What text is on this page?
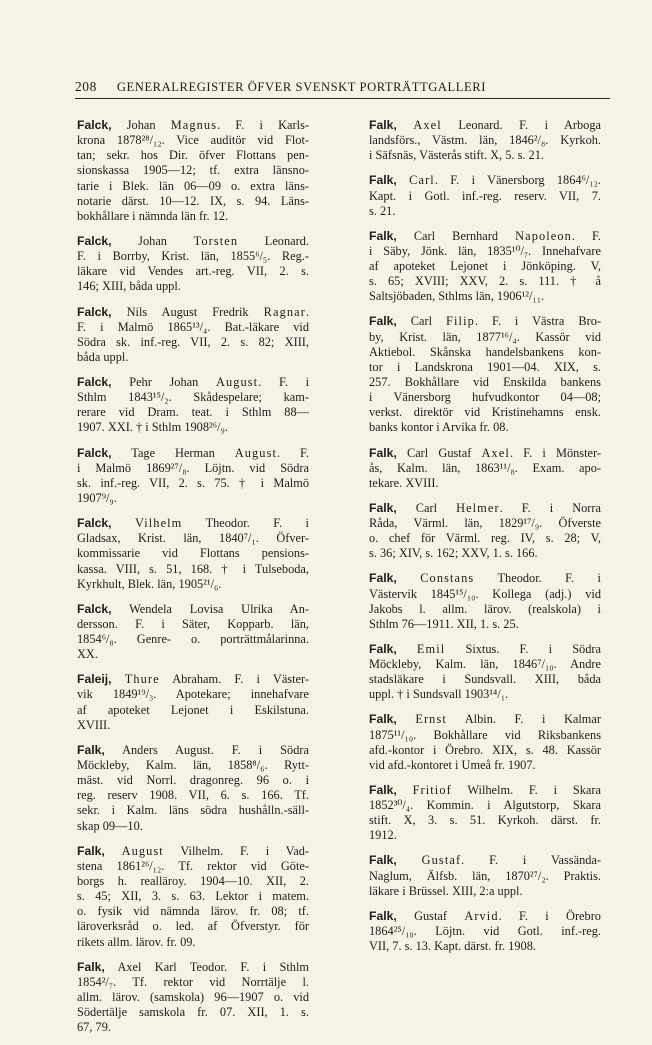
208 GENERALREGISTER ÖFVER SVENSKT PORTRÄTTGALLERI

Falck, Johan Magnus. F. i Karls-

krona 1878²⁸/₁₂. Vice auditör vid Flot-

tan; sekr. hos Dir. öfver Flottans pen-

sionskassa 1905—12; tf. extra länsno-

tarie i Blek. län 06—09 o. extra läns-

notarie därst. 10—12. IX, s. 94. Läns-

bokhållare i nämnda län fr. 12.

Falck, Johan Torsten Leonard.

F. i Borrby, Krist. län, 1855⁶/₅. Reg.-

läkare vid Vendes art.-reg. VII, 2. s.

146; XIII, båda uppl.

Falck, Nils August Fredrik Ragnar.

F. i Malmö 1865¹³/₄. Bat.-läkare vid

Södra sk. inf.-reg. VII, 2. s. 82; XIII,

båda uppl.

Falck, Pehr Johan August. F. i

Sthlm 1843¹⁵/₂. Skådespelare; kam-

rerare vid Dram. teat. i Sthlm 88—

1907. XXI. † i Sthlm 1908²⁶/₉.

Falck, Tage Herman August. F.

i Malmö 1869²⁷/₈. Löjtn. vid Södra

sk. inf.-reg. VII, 2. s. 75. † i Malmö

1907⁹/₉.

Falck, Vilhelm Theodor. F. i

Gladsax, Krist. län, 1840⁷/₁. Öfver-

kommissarie vid Flottans pensions-

kassa. VIII, s. 51, 168. † i Tulseboda,

Kyrkhult, Blek. län, 1905²¹/₆.

Falck, Wendela Lovisa Ulrika An-

dersson. F. i Säter, Kopparb. län,

1854⁶/₈. Genre- o. porträttmålarinna.

XX.

Faleij, Thure Abraham. F. i Väster-

vik 1849¹⁹/₃. Apotekare; innehafvare

af apoteket Lejonet i Eskilstuna.

XVIII.

Falk, Anders August. F. i Södra

Möckleby, Kalm. län, 1858⁸/₆. Rytt-

mäst. vid Norrl. dragonreg. 96 o. i

reg. reserv 1908. VII, 6. s. 166. Tf.

sekr. i Kalm. läns södra hushålln.-säll-

skap 09—10.

Falk, August Vilhelm. F. i Vad-

stena 1861²⁶/₁₂. Tf. rektor vid Göte-

borgs h. realläroy. 1904—10. XII, 2.

s. 45; XII, 3. s. 63. Lektor i matem.

o. fysik vid nämnda lärov. fr. 08; tf.

läroverksråd o. led. af Öfverstyr. för

rikets allm. lärov. fr. 09.

Falk, Axel Karl Teodor. F. i Sthlm

1854²/₇. Tf. rektor vid Norrtälje l.

allm. lärov. (samskola) 96—1907 o. vid

Södertälje samskola fr. 07. XII, 1. s.

67, 79.

Falk, Axel Leonard. F. i Arboga

landsförs., Västm. län, 1846²/₈. Kyrkoh.

i Säfsnäs, Västerås stift. X, 5. s. 21.

Falk, Carl. F. i Vänersborg 1864⁶/₁₂.

Kapt. i Gotl. inf.-reg. reserv. VII, 7.

s. 21.

Falk, Carl Bernhard Napoleon. F.

i Säby, Jönk. län, 1835¹⁰/₇. Innehafvare

af apoteket Lejonet i Jönköping. V,

s. 65; XVIII; XXV, 2. s. 111. † å

Saltsjöbaden, Sthlms län, 1906¹²/₁₁.

Falk, Carl Filip. F. i Västra Bro-

by, Krist. län, 1877¹⁶/₄. Kassör vid

Aktiebol. Skånska handelsbankens kon-

tor i Landskrona 1901—04. XIX, s.

257. Bokhållare vid Enskilda bankens

i Vänersborg hufvudkontor 04—08;

verkst. direktör vid Kristinehamns ensk.

banks kontor i Arvika fr. 08.

Falk, Carl Gustaf Axel. F. i Mönster-

ås, Kalm. län, 1863¹¹/₈. Exam. apo-

tekare. XVIII.

Falk, Carl Helmer. F. i Norra

Råda, Värml. län, 1829¹⁷/₉. Öfverste

o. chef för Värml. reg. IV, s. 28; V,

s. 36; XIV, s. 162; XXV, 1. s. 166.

Falk, Constans Theodor. F. i

Västervik 1845¹⁵/₁₀. Kollega (adj.) vid

Jakobs l. allm. lärov. (realskola) i

Sthlm 76—1911. XII, 1. s. 25.

Falk, Emil Sixtus. F. i Södra

Möckleby, Kalm. län, 1846⁷/₁₀. Andre

stadsläkare i Sundsvall. XIII, båda

uppl. † i Sundsvall 1903¹⁴/₁.

Falk, Ernst Albin. F. i Kalmar

1875¹¹/₁₀. Bokhållare vid Riksbankens

afd.-kontor i Örebro. XIX, s. 48. Kassör

vid afd.-kontoret i Umeå fr. 1907.

Falk, Fritiof Wilhelm. F. i Skara

1852³⁰/₄. Kommin. i Algutstorp, Skara

stift. X, 3. s. 51. Kyrkoh. därst. fr.

1912.

Falk, Gustaf. F. i Vassända-

Naglum, Älfsb. län, 1870²⁷/₂. Praktis.

läkare i Brüssel. XIII, 2:a uppl.

Falk, Gustaf Arvid. F. i Örebro

1864²⁵/₁₀. Löjtn. vid Gotl. inf.-reg.

VII, 7. s. 13. Kapt. därst. fr. 1908.
